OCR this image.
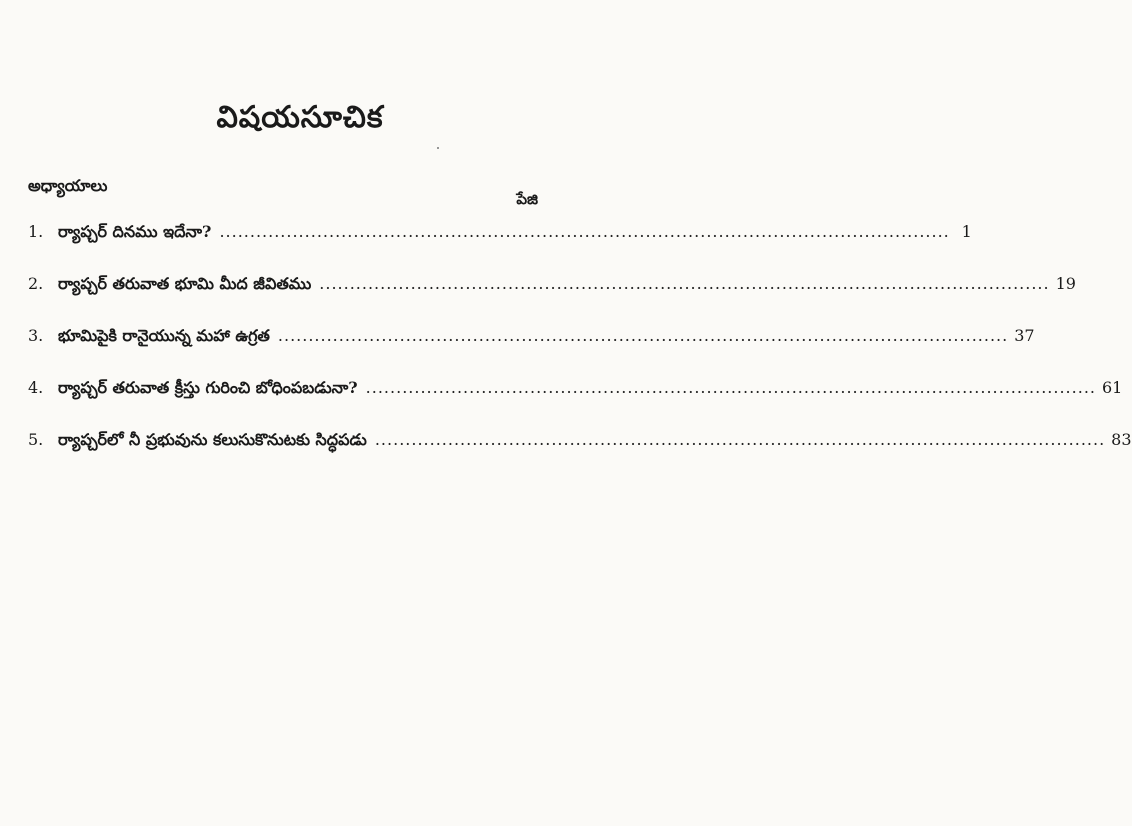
విషయసూచిక
అధ్యాయాలు
పేజి
1. ర్యాప్చర్ దినము ఇదేనా? ........................................................................................................................ 1
2. ర్యాప్చర్ తరువాత భూమి మీద జీవితము ........................................................................................................................ 19
3. భూమిపైకి రానైయున్న మహా ఉగ్రత ........................................................................................................................ 37
4. ర్యాప్చర్ తరువాత క్రీస్తు గురించి బోధింపబడునా? ........................................................................................................................ 61
5. ర్యాప్చర్‌లో నీ ప్రభువును కలుసుకొనుటకు సిద్ధపడు ........................................................................................................................ 83
